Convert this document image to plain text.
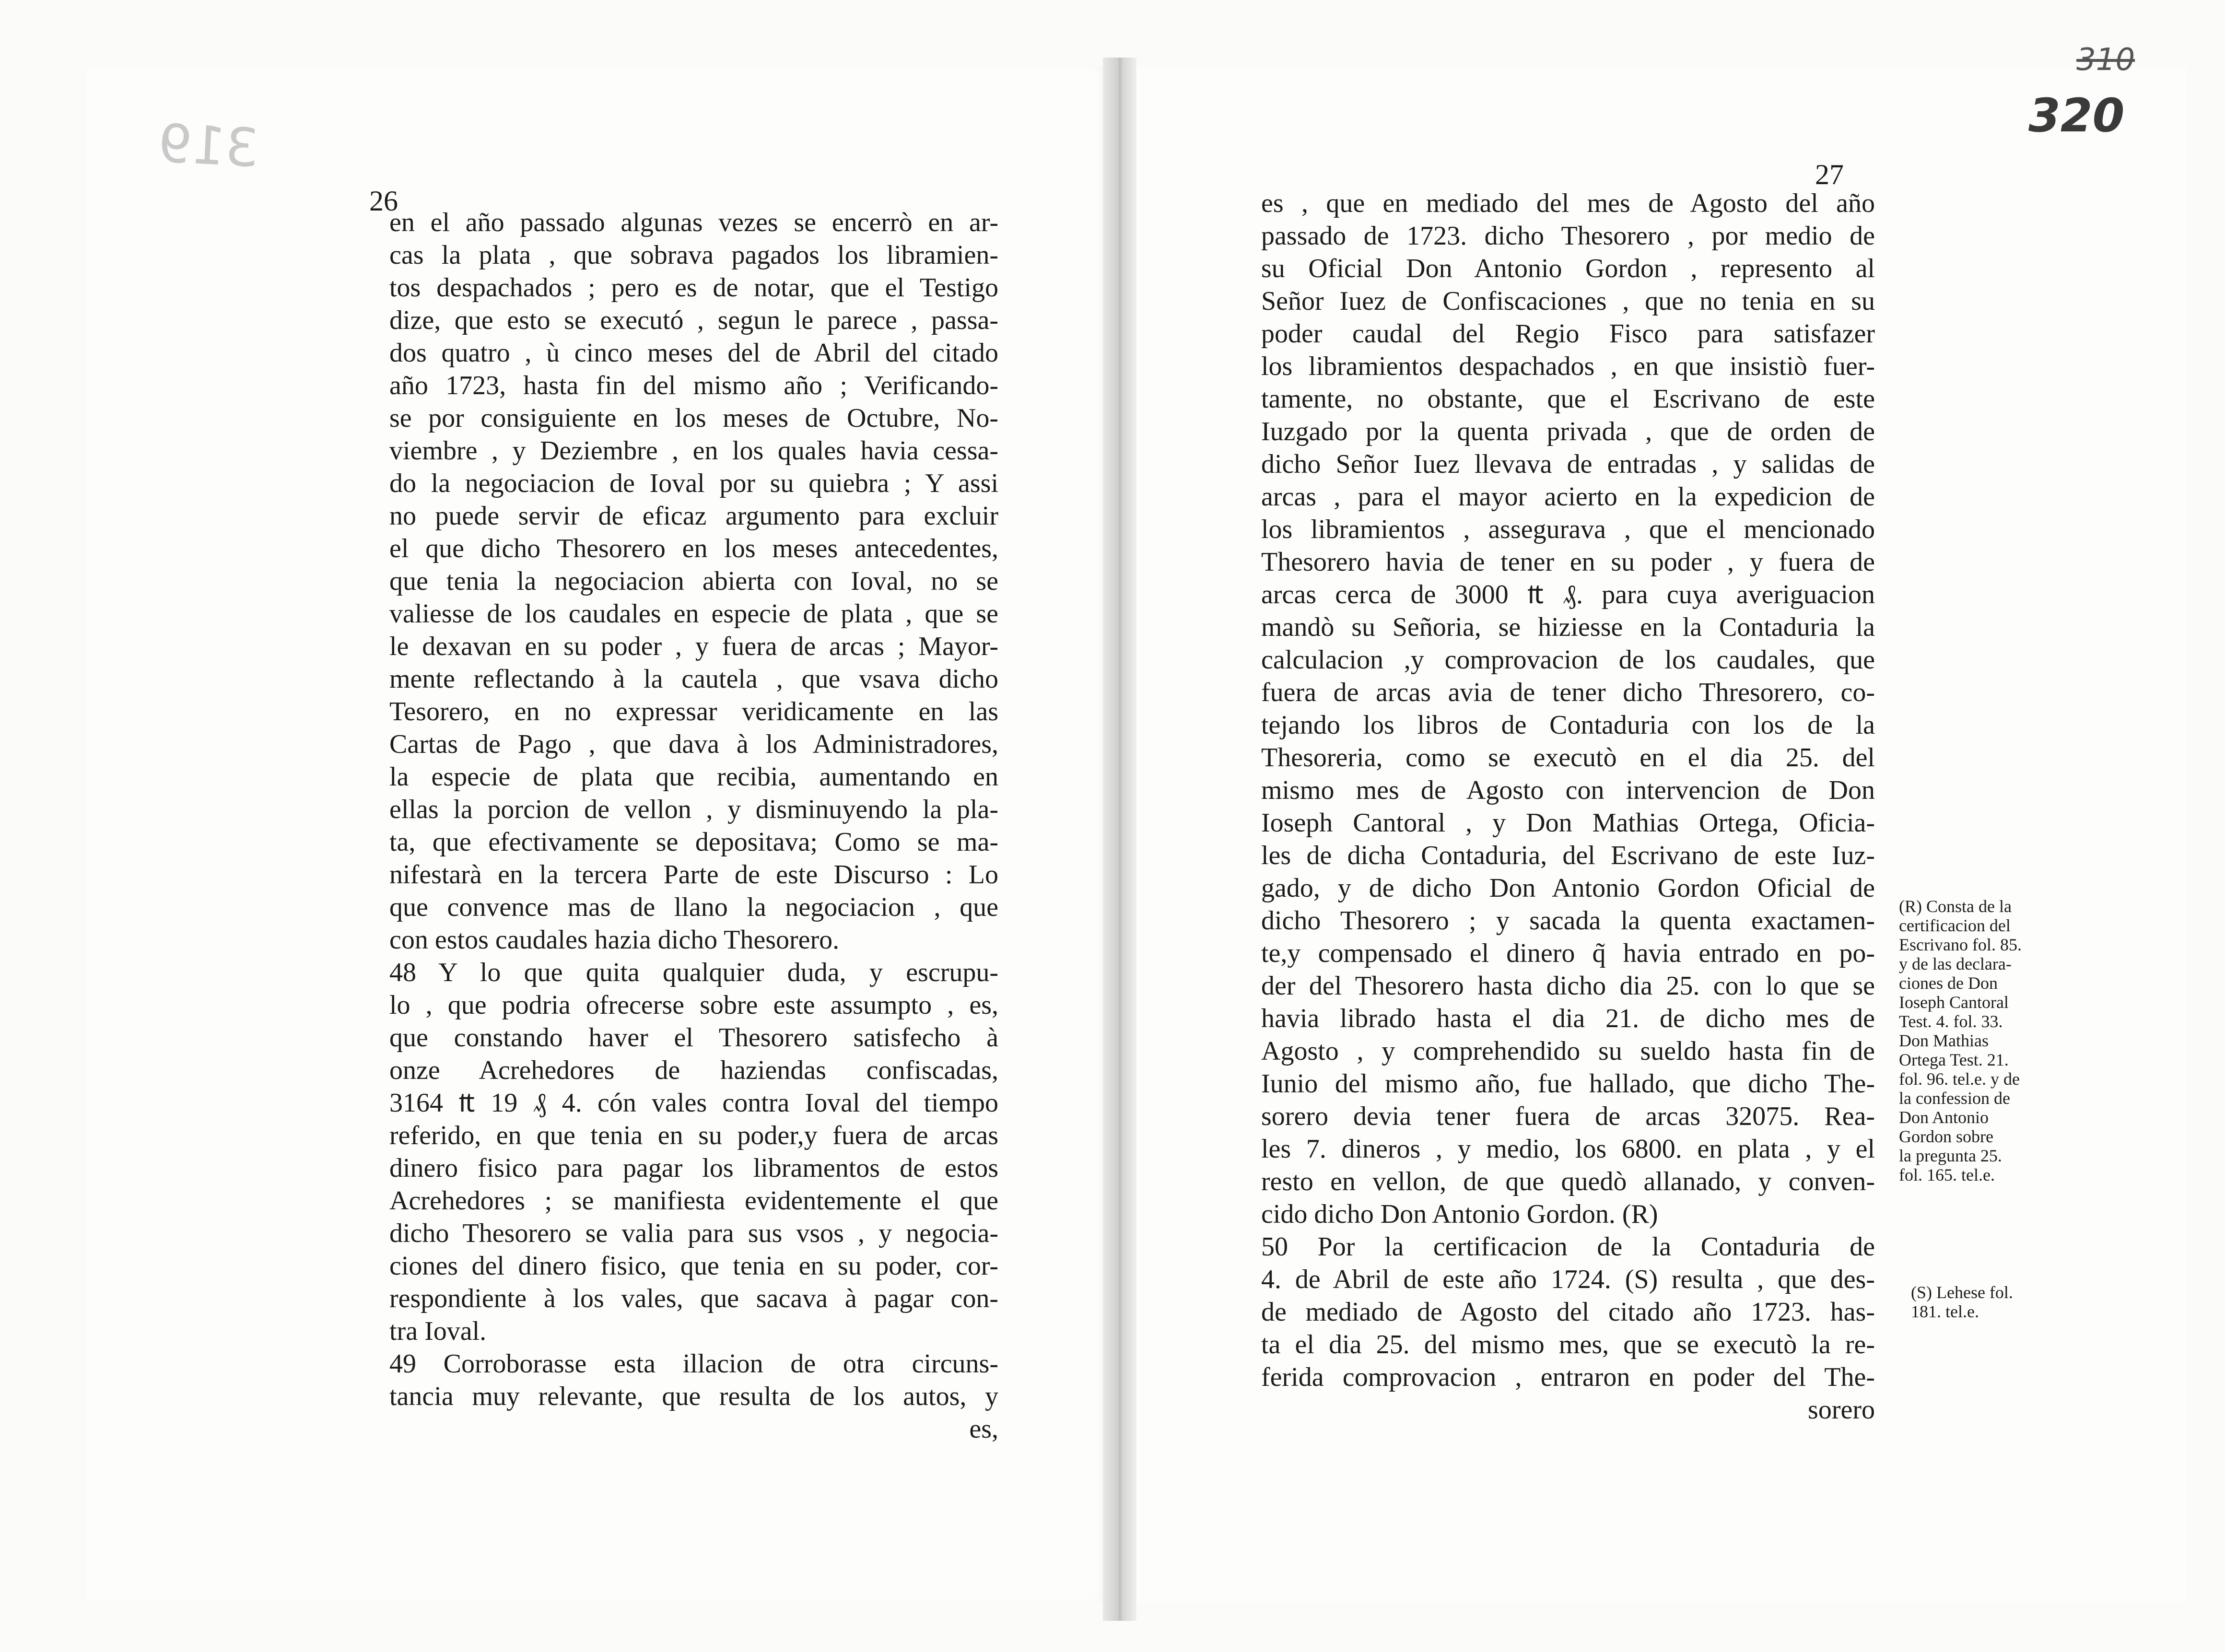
319
310
320
26
27
en el año passado algunas vezes se encerrò en ar-
cas la plata , que sobrava pagados los libramien-
tos despachados ; pero es de notar, que el Testigo
dize, que esto se executó , segun le parece , passa-
dos quatro , ù cinco meses del de Abril del citado
año 1723, hasta fin del mismo año ; Verificando-
se por consiguiente en los meses de Octubre, No-
viembre , y Deziembre , en los quales havia cessa-
do la negociacion de Ioval por su quiebra ; Y assi
no puede servir de eficaz argumento para excluir
el que dicho Thesorero en los meses antecedentes,
que tenia la negociacion abierta con Ioval, no se
valiesse de los caudales en especie de plata , que se
le dexavan en su poder , y fuera de arcas ; Mayor-
mente reflectando à la cautela , que vsava dicho
Tesorero, en no expressar veridicamente en las
Cartas de Pago , que dava à los Administradores,
la especie de plata que recibia, aumentando en
ellas la porcion de vellon , y disminuyendo la pla-
ta, que efectivamente se depositava; Como se ma-
nifestarà en la tercera Parte de este Discurso : Lo
que convence mas de llano la negociacion , que
con estos caudales hazia dicho Thesorero.
48 Y lo que quita qualquier duda, y escrupu-
lo , que podria ofrecerse sobre este assumpto , es,
que constando haver el Thesorero satisfecho à
onze Acrehedores de haziendas confiscadas,
3164 ₶ 19 ₰ 4. cón vales contra Ioval del tiempo
referido, en que tenia en su poder,y fuera de arcas
dinero fisico para pagar los libramentos de estos
Acrehedores ; se manifiesta evidentemente el que
dicho Thesorero se valia para sus vsos , y negocia-
ciones del dinero fisico, que tenia en su poder, cor-
respondiente à los vales, que sacava à pagar con-
tra Ioval.
49 Corroborasse esta illacion de otra circuns-
tancia muy relevante, que resulta de los autos, y
es,
es , que en mediado del mes de Agosto del año
passado de 1723. dicho Thesorero , por medio de
su Oficial Don Antonio Gordon , represento al
Señor Iuez de Confiscaciones , que no tenia en su
poder caudal del Regio Fisco para satisfazer
los libramientos despachados , en que insistiò fuer-
tamente, no obstante, que el Escrivano de este
Iuzgado por la quenta privada , que de orden de
dicho Señor Iuez llevava de entradas , y salidas de
arcas , para el mayor acierto en la expedicion de
los libramientos , assegurava , que el mencionado
Thesorero havia de tener en su poder , y fuera de
arcas cerca de 3000 ₶ ₰. para cuya averiguacion
mandò su Señoria, se hiziesse en la Contaduria la
calculacion ,y comprovacion de los caudales, que
fuera de arcas avia de tener dicho Thresorero, co-
tejando los libros de Contaduria con los de la
Thesoreria, como se executò en el dia 25. del
mismo mes de Agosto con intervencion de Don
Ioseph Cantoral , y Don Mathias Ortega, Oficia-
les de dicha Contaduria, del Escrivano de este Iuz-
gado, y de dicho Don Antonio Gordon Oficial de
dicho Thesorero ; y sacada la quenta exactamen-
te,y compensado el dinero q̃ havia entrado en po-
der del Thesorero hasta dicho dia 25. con lo que se
havia librado hasta el dia 21. de dicho mes de
Agosto , y comprehendido su sueldo hasta fin de
Iunio del mismo año, fue hallado, que dicho The-
sorero devia tener fuera de arcas 32075. Rea-
les 7. dineros , y medio, los 6800. en plata , y el
resto en vellon, de que quedò allanado, y conven-
cido dicho Don Antonio Gordon. (R)
50 Por la certificacion de la Contaduria de
4. de Abril de este año 1724. (S) resulta , que des-
de mediado de Agosto del citado año 1723. has-
ta el dia 25. del mismo mes, que se executò la re-
ferida comprovacion , entraron en poder del The-
sorero
(R) Consta de la
certificacion del
Escrivano fol. 85.
y de las declara-
ciones de Don
Ioseph Cantoral
Test. 4. fol. 33.
Don Mathias
Ortega Test. 21.
fol. 96. tel.e. y de
la confession de
Don Antonio
Gordon sobre
la pregunta 25.
fol. 165. tel.e.
(S) Lehese fol.
181. tel.e.
